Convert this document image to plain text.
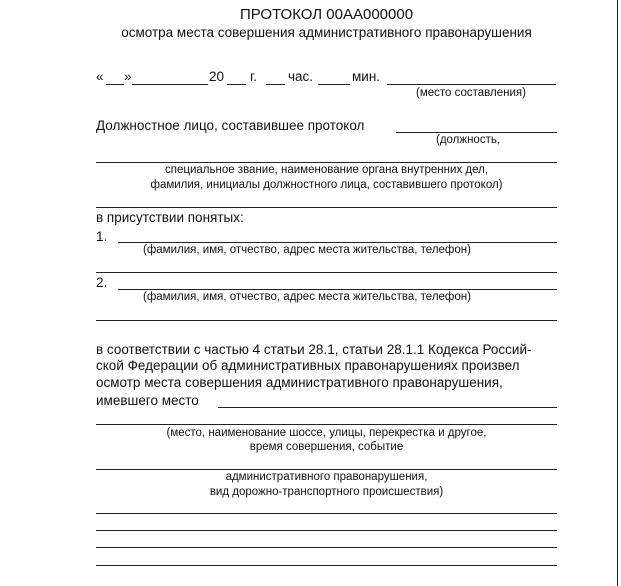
ПРОТОКОЛ 00АА000000
осмотра места совершения административного правонарушения
« »	20 г. час.	мин.
(место составления)
Должностное лицо, составившее протокол
(должность,
специальное звание, наименование органа внутренних дел,
фамилия, инициалы должностного лица, составившего протокол)
в присутствии понятых:
1.
(фамилия, имя, отчество, адрес места жительства, телефон)
2.
(фамилия, имя, отчество, адрес места жительства, телефон)
в соответствии с частью 4 статьи 28.1, статьи 28.1.1 Кодекса Россий-
ской Федерации об административных правонарушениях произвел
осмотр места совершения административного правонарушения,
имевшего место
(место, наименование шоссе, улицы, перекрестка и другое,
время совершения, событие
административного правонарушения,
вид дорожно-транспортного происшествия)
